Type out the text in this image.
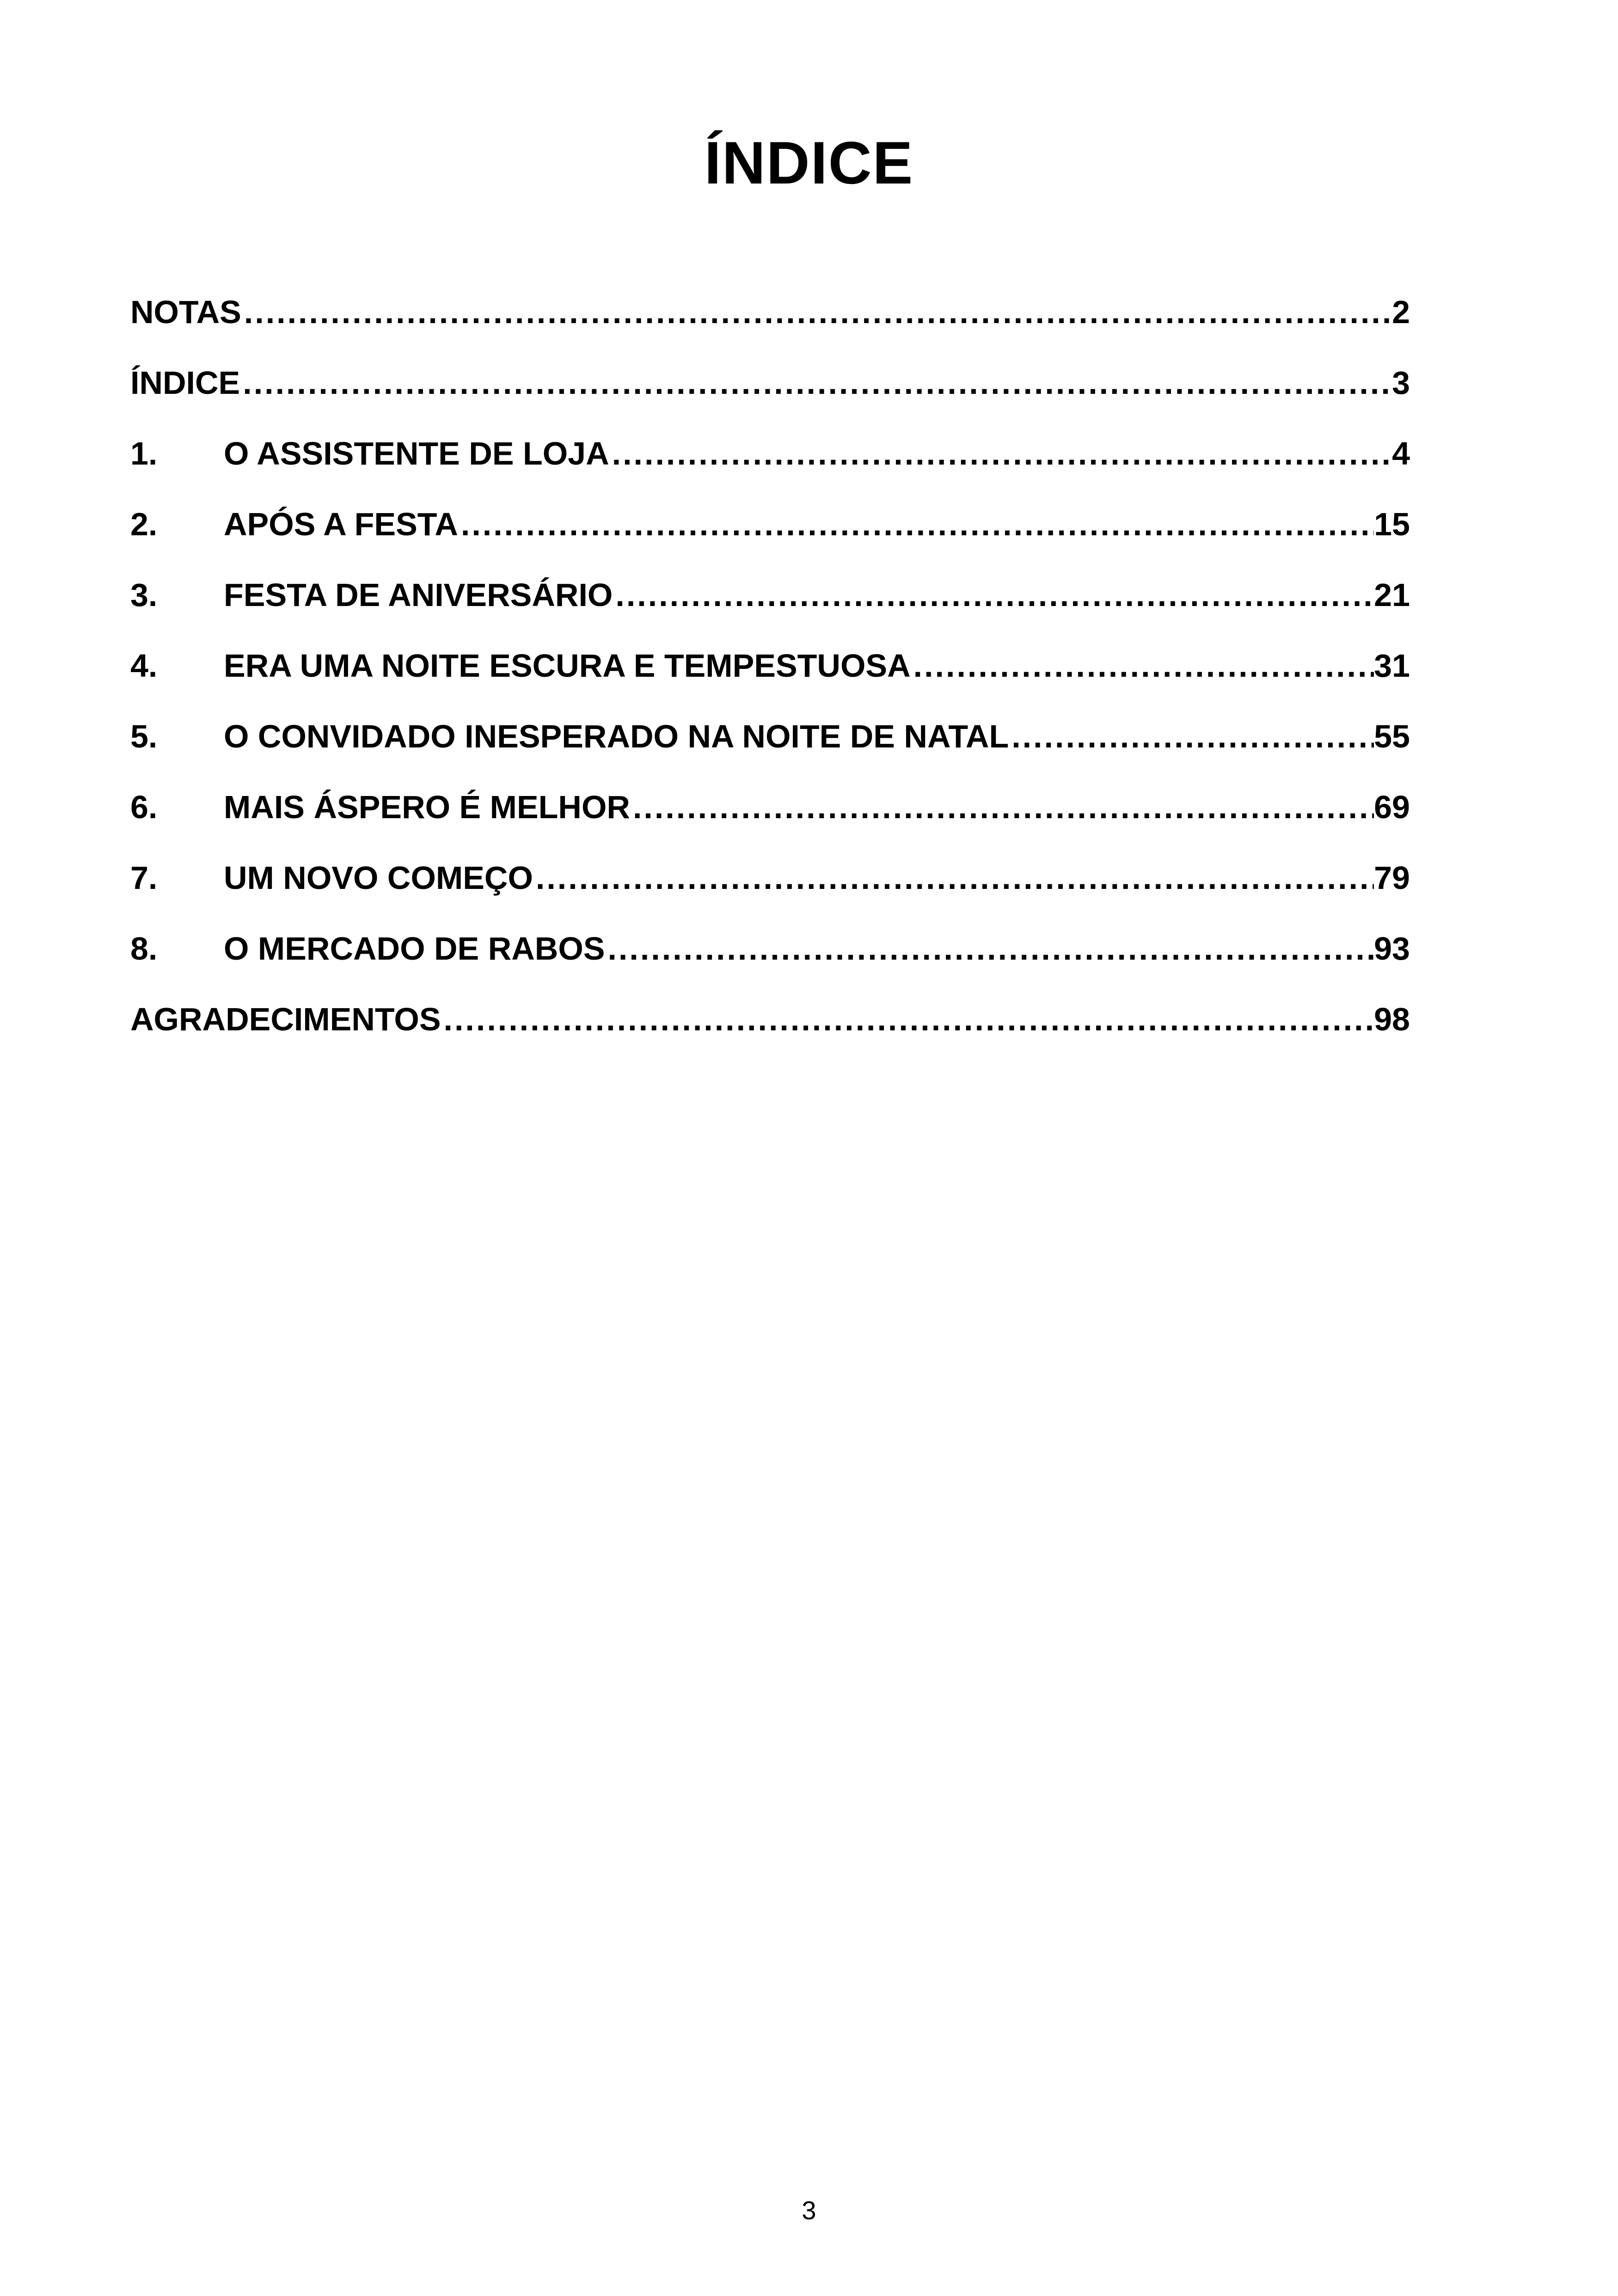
ÍNDICE
NOTAS .....	2
ÍNDICE .....	3
1.	O ASSISTENTE DE LOJA .....	4
2.	APÓS A FESTA .....	15
3.	FESTA DE ANIVERSÁRIO .....	21
4.	ERA UMA NOITE ESCURA E TEMPESTUOSA .....	31
5.	O CONVIDADO INESPERADO NA NOITE DE NATAL .....	55
6.	MAIS ÁSPERO É MELHOR .....	69
7.	UM NOVO COMEÇO .....	79
8.	O MERCADO DE RABOS .....	93
AGRADECIMENTOS .....	98
3
